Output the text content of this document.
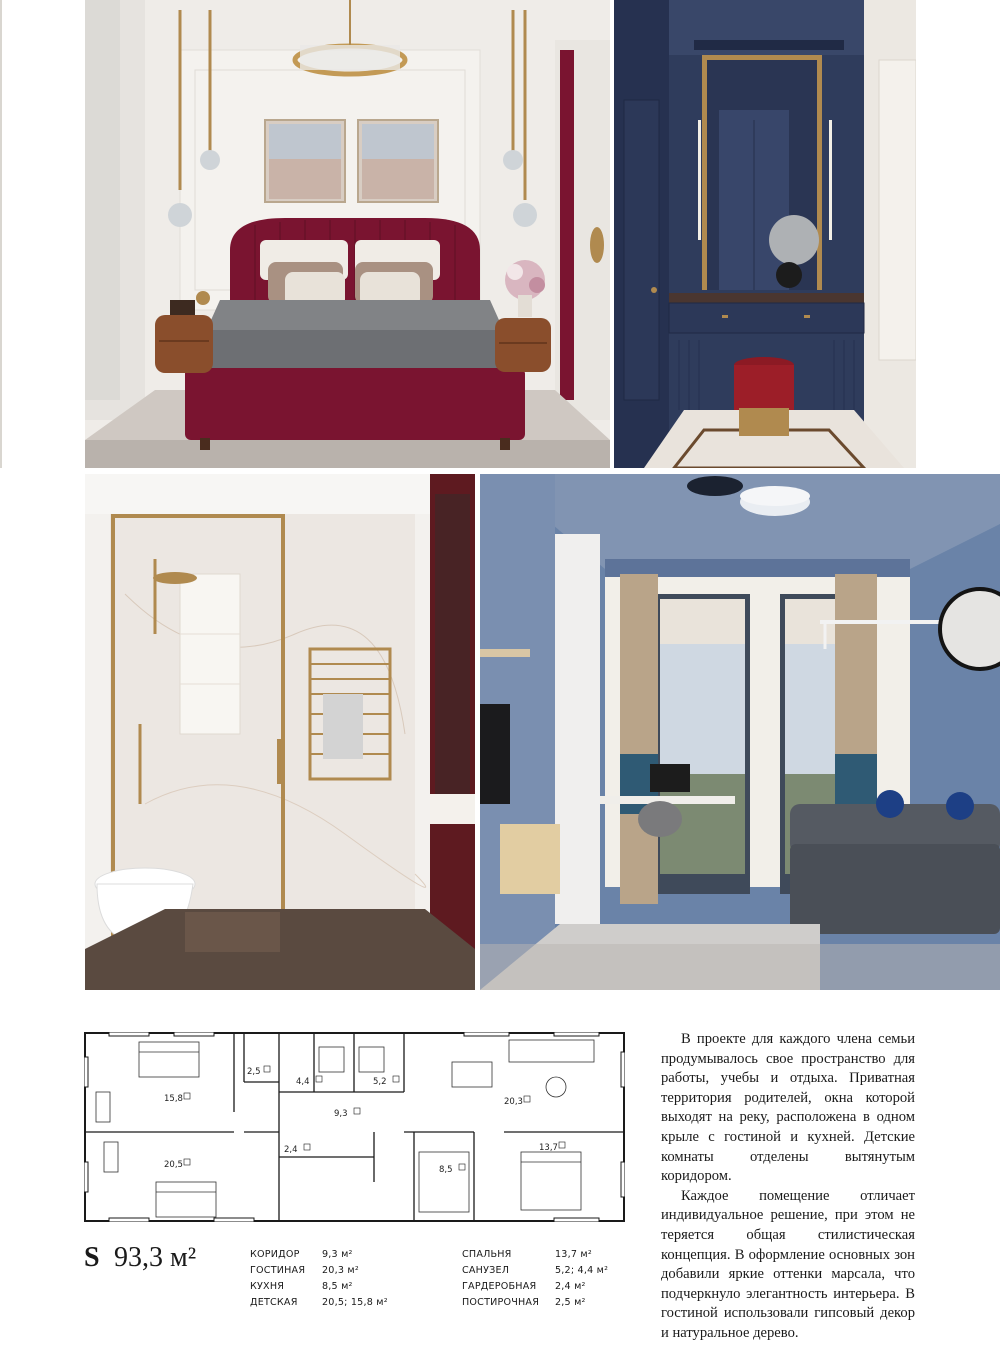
2,5
4,4	5,2
15,8
9,3
20,3
2,4
20,5	8,5
13,7
S 93,3 м²	КОРИДОР 9,3 м²
ГОСТИНАЯ 20,3 м²
КУХНЯ	8,5 м²
ДЕТСКАЯ	20,5; 15,8 м²
СПАЛЬНЯ	13,7 м²
САНУЗЕЛ	5,2; 4,4 м²
ГАРДЕРОБНАЯ 2,4 м²
ПОСТИРОЧНАЯ 2,5 м²

В проекте для каждого члена семьи продумывалось свое пространство для работы, учебы и отдыха. Приватная территория родителей, окна которой выходят на реку, расположена в одном крыле с гостиной и кухней. Детские комнаты отделены вытянутым коридором.

Каждое помещение отличает индивидуальное решение, при этом не теряется общая стилистическая концепция. В оформление основных зон добавили яркие оттенки марсала, что подчеркнуло элегантность интерьера. В гостиной использовали гипсовый декор и натуральное дерево.
